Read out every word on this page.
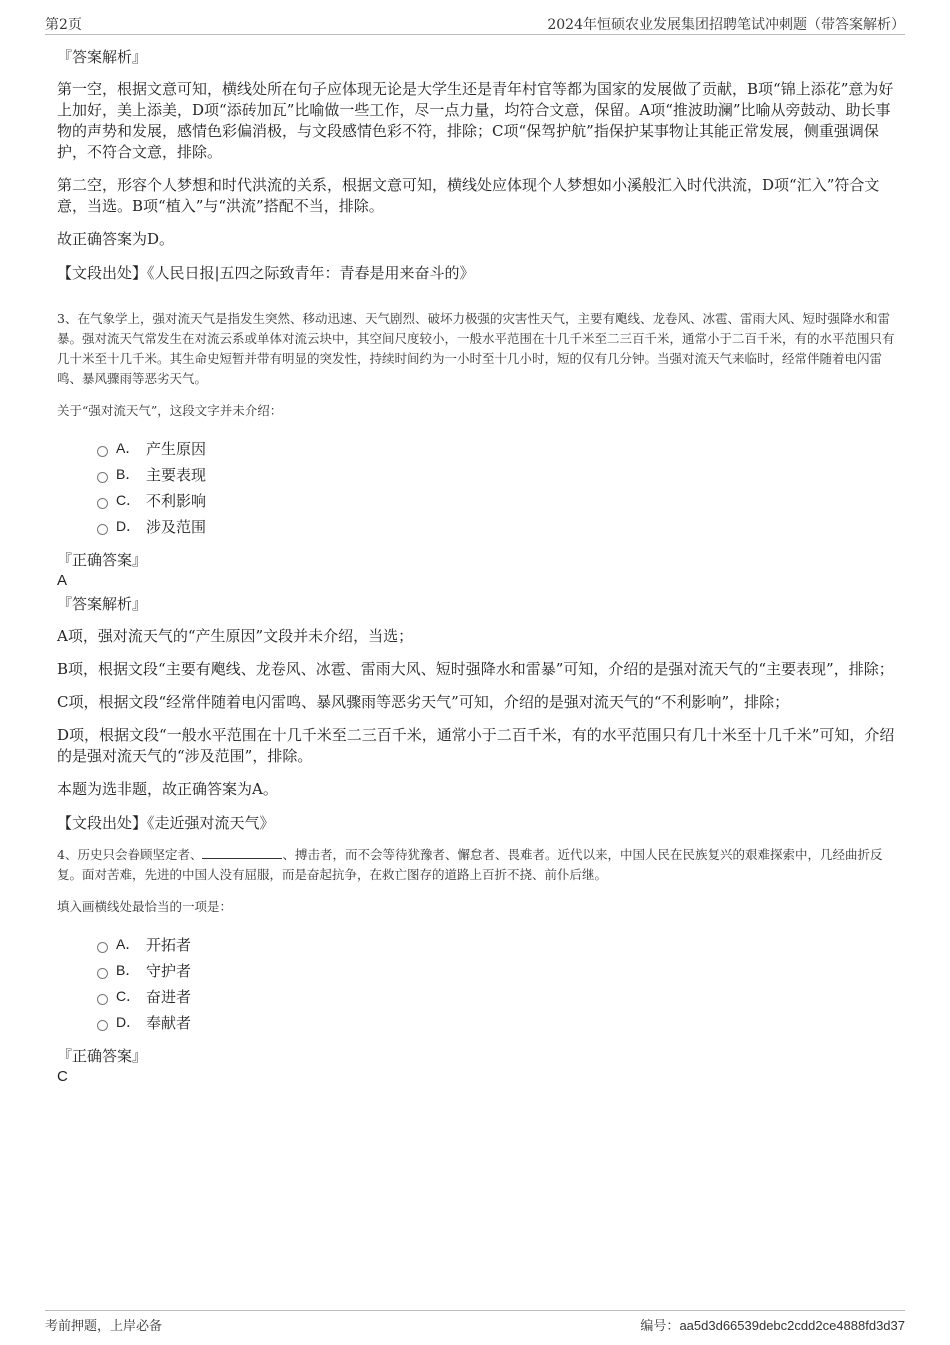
第2页	2024年恒硕农业发展集团招聘笔试冲刺题（带答案解析）
『答案解析』

第一空，根据文意可知，横线处所在句子应体现无论是大学生还是青年村官等都为国家的发展做了贡献，B项“锦上添花”意为好上加好，美上添美，D项“添砖加瓦”比喻做一些工作，尽一点力量，均符合文意，保留。A项“推波助澜”比喻从旁鼓动、助长事物的声势和发展，感情色彩偏消极，与文段感情色彩不符，排除；C项“保驾护航”指保护某事物让其能正常发展，侧重强调保护，不符合文意，排除。

第二空，形容个人梦想和时代洪流的关系，根据文意可知，横线处应体现个人梦想如小溪般汇入时代洪流，D项“汇入”符合文意，当选。B项“植入”与“洪流”搭配不当，排除。

故正确答案为D。

【文段出处】《人民日报|五四之际致青年：青春是用来奋斗的》

3、在气象学上，强对流天气是指发生突然、移动迅速、天气剧烈、破坏力极强的灾害性天气，主要有飑线、龙卷风、冰雹、雷雨大风、短时强降水和雷暴。强对流天气常发生在对流云系或单体对流云块中，其空间尺度较小，一般水平范围在十几千米至二三百千米，通常小于二百千米，有的水平范围只有几十米至十几千米。其生命史短暂并带有明显的突发性，持续时间约为一小时至十几小时，短的仅有几分钟。当强对流天气来临时，经常伴随着电闪雷鸣、暴风骤雨等恶劣天气。

关于“强对流天气”，这段文字并未介绍：

A． 产生原因
B． 主要表现
C． 不利影响
D． 涉及范围
『正确答案』
A
『答案解析』

A项，强对流天气的“产生原因”文段并未介绍，当选；

B项，根据文段“主要有飑线、龙卷风、冰雹、雷雨大风、短时强降水和雷暴”可知，介绍的是强对流天气的“主要表现”，排除；

C项，根据文段“经常伴随着电闪雷鸣、暴风骤雨等恶劣天气”可知，介绍的是强对流天气的“不利影响”，排除；

D项，根据文段“一般水平范围在十几千米至二三百千米，通常小于二百千米，有的水平范围只有几十米至十几千米”可知，介绍的是强对流天气的“涉及范围”，排除。

本题为选非题，故正确答案为A。

【文段出处】《走近强对流天气》

4、历史只会眷顾坚定者、	、搏击者，而不会等待犹豫者、懈怠者、畏难者。近代以来，中国人民在民族复兴的艰难探索中，几经曲折反复。面对苦难，先进的中国人没有屈服，而是奋起抗争，在救亡图存的道路上百折不挠、前仆后继。

填入画横线处最恰当的一项是：

A． 开拓者
B． 守护者
C． 奋进者
D． 奉献者
『正确答案』
C
考前押题，上岸必备	编号：aa5d3d66539debc2cdd2ce4888fd3d37
